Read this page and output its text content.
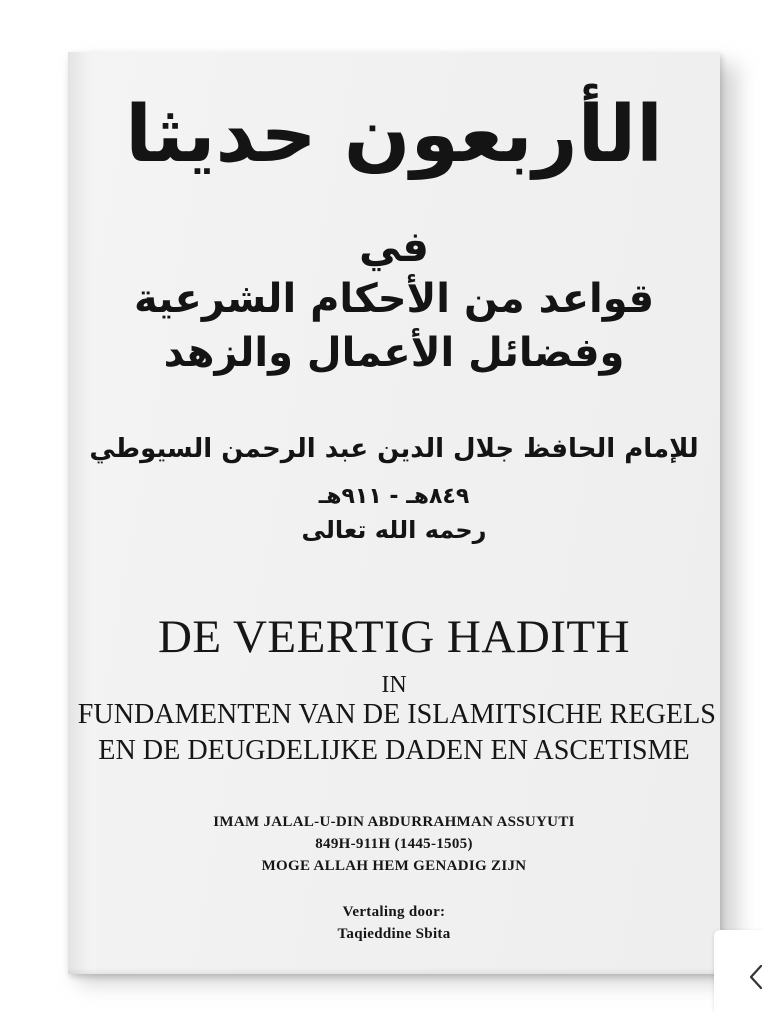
الأربعون حديثا
في
قواعد من الأحكام الشرعية
وفضائل الأعمال والزهد
للإمام الحافظ جلال الدين عبد الرحمن السيوطي
٨٤٩هـ - ٩١١هـ
رحمه الله تعالى
DE VEERTIG HADITH
IN
FUNDAMENTEN VAN DE ISLAMITSICHE REGELS
EN DE DEUGDELIJKE DADEN EN ASCETISME
IMAM JALAL-U-DIN ABDURRAHMAN ASSUYUTI
849H-911H (1445-1505)
MOGE ALLAH HEM GENADIG ZIJN
Vertaling door:
Taqieddine Sbita
